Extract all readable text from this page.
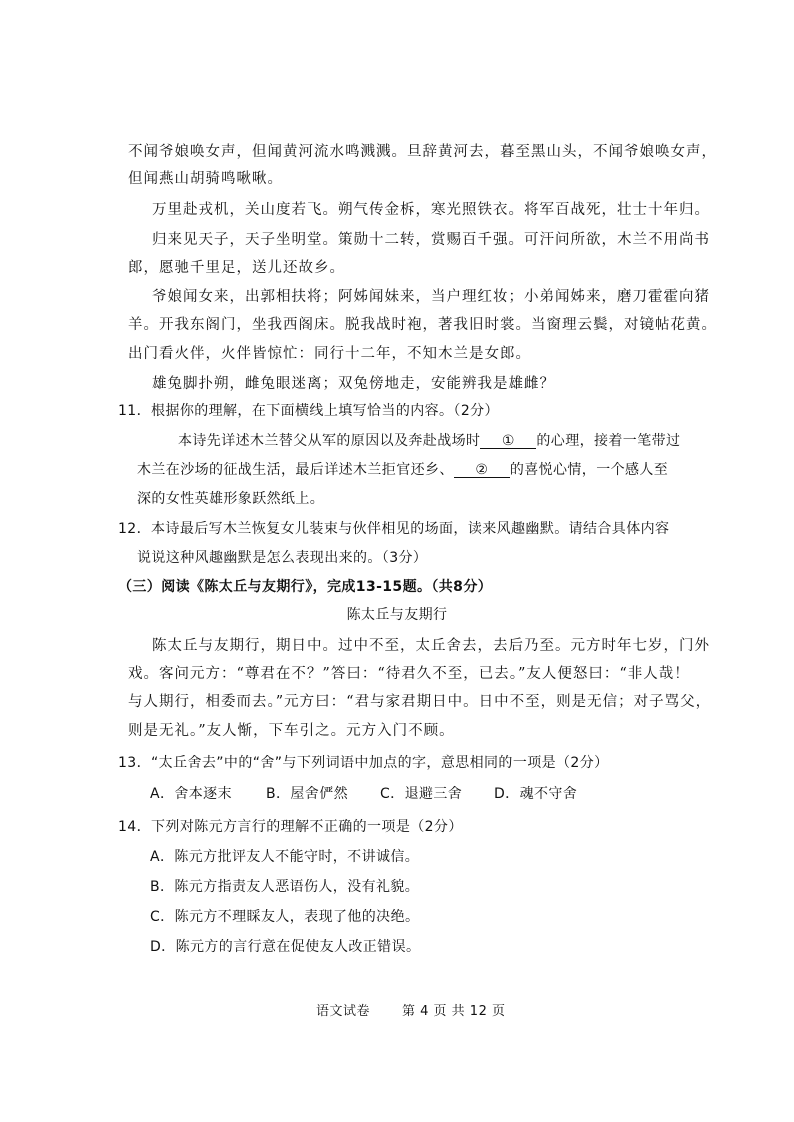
不闻爷娘唤女声，但闻黄河流水鸣溅溅。旦辞黄河去，暮至黑山头，不闻爷娘唤女声，
但闻燕山胡骑鸣啾啾。
万里赴戎机，关山度若飞。朔气传金柝，寒光照铁衣。将军百战死，壮士十年归。
归来见天子，天子坐明堂。策勋十二转，赏赐百千强。可汗问所欲，木兰不用尚书
郎，愿驰千里足，送儿还故乡。
爷娘闻女来，出郭相扶将；阿姊闻妹来，当户理红妆；小弟闻姊来，磨刀霍霍向猪
羊。开我东阁门，坐我西阁床。脱我战时袍，著我旧时裳。当窗理云鬓，对镜帖花黄。
出门看火伴，火伴皆惊忙：同行十二年，不知木兰是女郎。
雄兔脚扑朔，雌兔眼迷离；双兔傍地走，安能辨我是雄雌？
11．根据你的理解，在下面横线上填写恰当的内容。（2分）
本诗先详述木兰替父从军的原因以及奔赴战场时 ① 的心理，接着一笔带过
木兰在沙场的征战生活，最后详述木兰拒官还乡、 ② 的喜悦心情，一个感人至
深的女性英雄形象跃然纸上。
12．本诗最后写木兰恢复女儿装束与伙伴相见的场面，读来风趣幽默。请结合具体内容
说说这种风趣幽默是怎么表现出来的。（3分）
（三）阅读《陈太丘与友期行》，完成13-15题。（共8分）
陈太丘与友期行
陈太丘与友期行，期日中。过中不至，太丘舍去，去后乃至。元方时年七岁，门外
戏。客问元方：“尊君在不？”答曰：“待君久不至，已去。”友人便怒曰：“非人哉！
与人期行，相委而去。”元方曰：“君与家君期日中。日中不至，则是无信；对子骂父，
则是无礼。”友人惭，下车引之。元方入门不顾。
13．“太丘舍去”中的“舍”与下列词语中加点的字，意思相同的一项是（2分）
A．舍本逐末 B．屋舍俨然 C．退避三舍 D．魂不守舍
14．下列对陈元方言行的理解不正确的一项是（2分）
A．陈元方批评友人不能守时，不讲诚信。
B．陈元方指责友人恶语伤人，没有礼貌。
C．陈元方不理睬友人，表现了他的决绝。
D．陈元方的言行意在促使友人改正错误。
语文试卷 第 4 页 共 12 页
